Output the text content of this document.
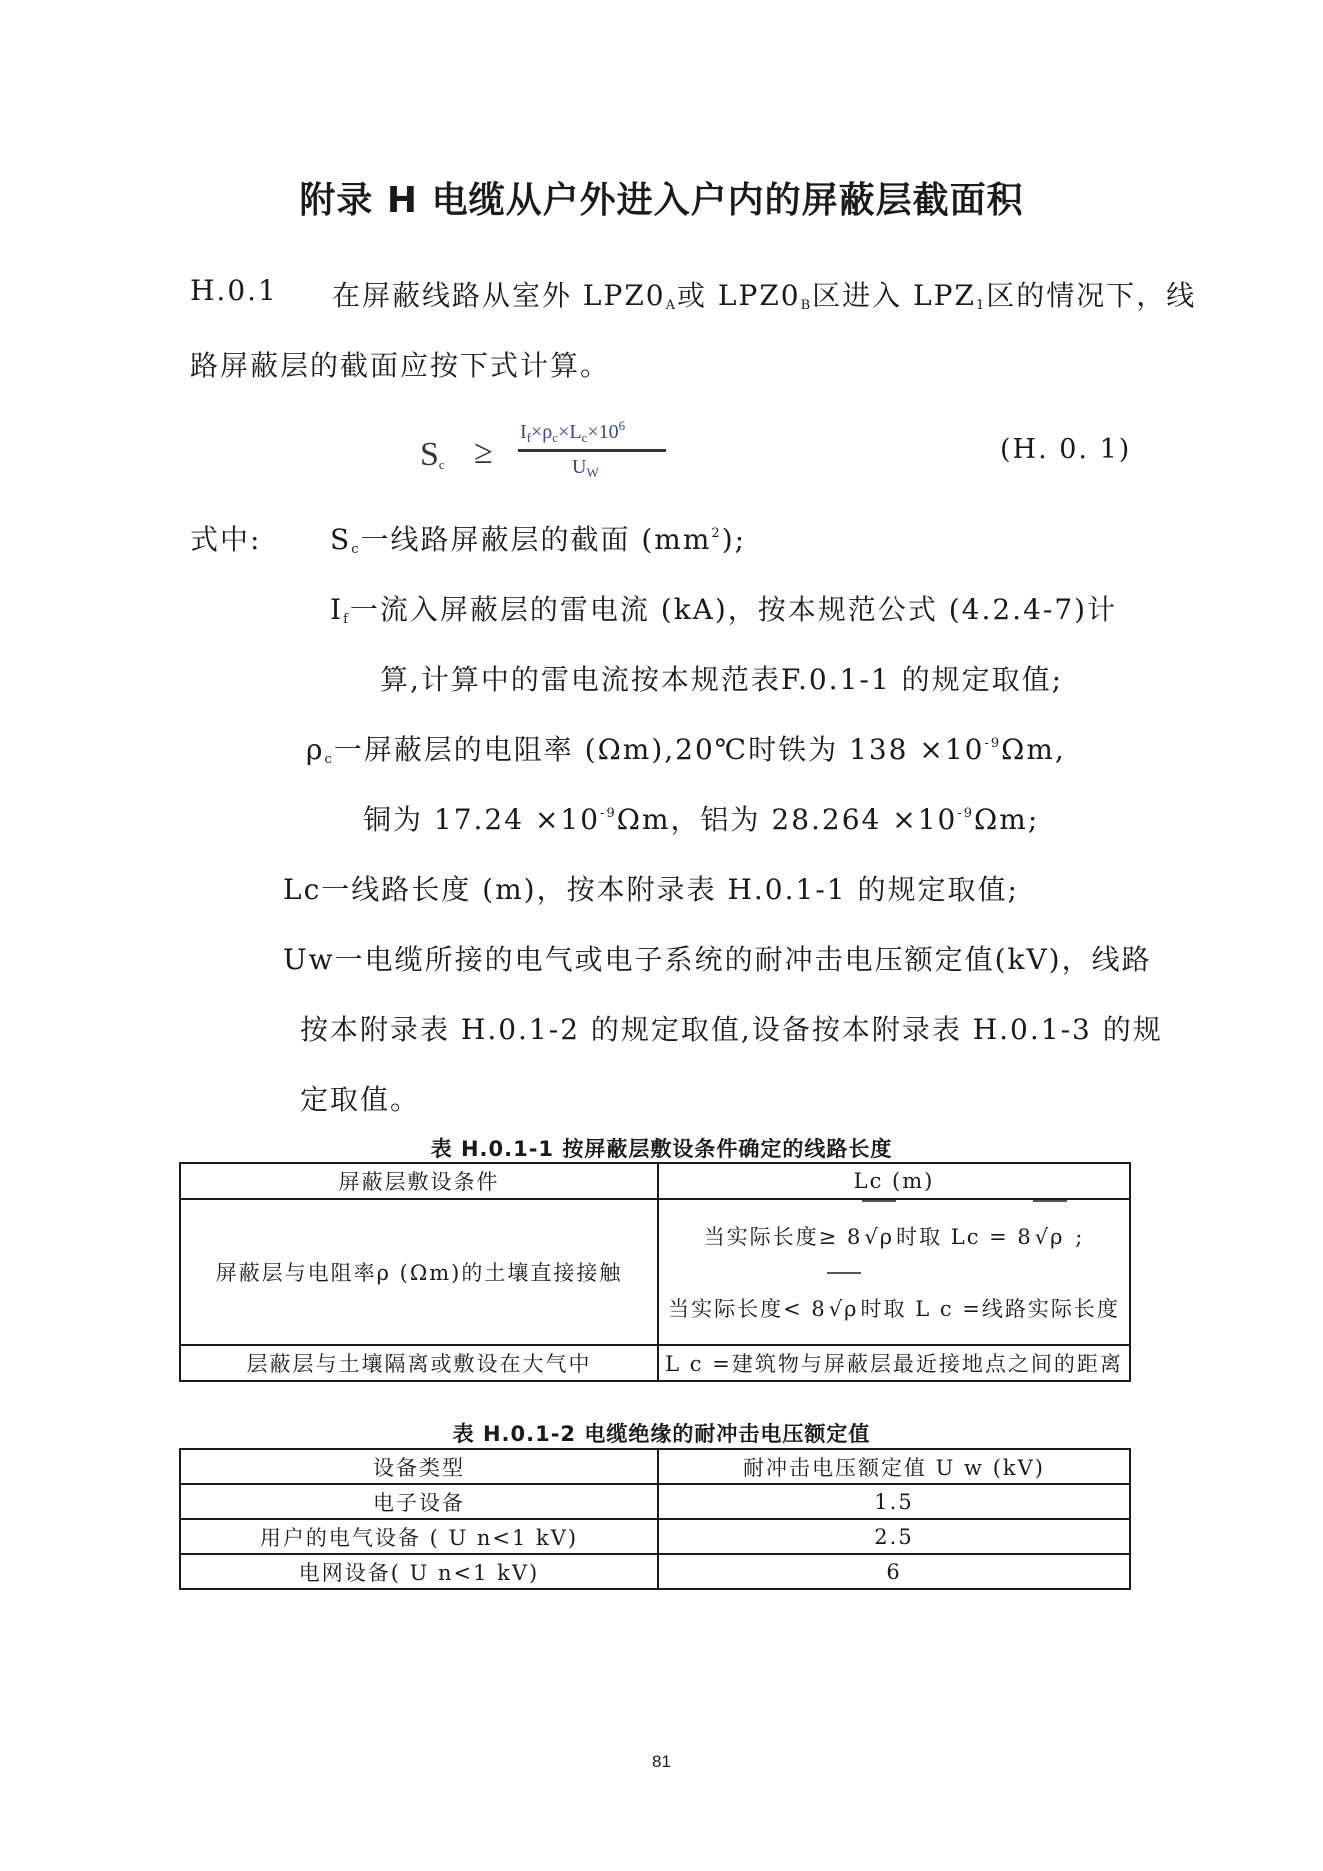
附录 H 电缆从户外进入户内的屏蔽层截面积
H.0.1 在屏蔽线路从室外 $LPZ0_A$或 $LPZ0_B$区进入 $LPZ_1$区的情况下，线
路屏蔽层的截面应按下式计算。
$S_c$ ≥
$I_f\times\rho_c\times L_c\times 10^6$
$U_W$
(H. 0. 1)
式中: $S_c$一线路屏蔽层的截面 $(mm^2)$;
$I_f$一流入屏蔽层的雷电流 (kA)，按本规范公式 (4.2.4-7)计
算,计算中的雷电流按本规范表F.0.1-1 的规定取值;
$\rho_c$一屏蔽层的电阻率 (Ωm),20℃时铁为 $138 \times 10^{-9}\Omega m$,
铜为 $17.24 \times 10^{-9}\Omega m$，铝为 $28.264 \times 10^{-9}\Omega m$;
Lc一线路长度 (m)，按本附录表 H.0.1-1 的规定取值;
Uw一电缆所接的电气或电子系统的耐冲击电压额定值(kV)，线路
按本附录表 H.0.1-2 的规定取值,设备按本附录表 H.0.1-3 的规
定取值。
表 H.0.1-1 按屏蔽层敷设条件确定的线路长度
屏蔽层敷设条件	Lc (m)
屏蔽层与电阻率ρ (Ωm)的土壤直接接触	当实际长度≥ 8√ρ时取 Lc = 8√ρ ;
当实际长度< 8√ρ时取 L c =线路实际长度

层蔽层与土壤隔离或敷设在大气中	L c =建筑物与屏蔽层最近接地点之间的距离
表 H.0.1-2 电缆绝缘的耐冲击电压额定值
设备类型	耐冲击电压额定值 U w (kV)
电子设备	1.5
用户的电气设备 ( U n<1 kV)	2.5
电网设备( U n<1 kV)	6
81
